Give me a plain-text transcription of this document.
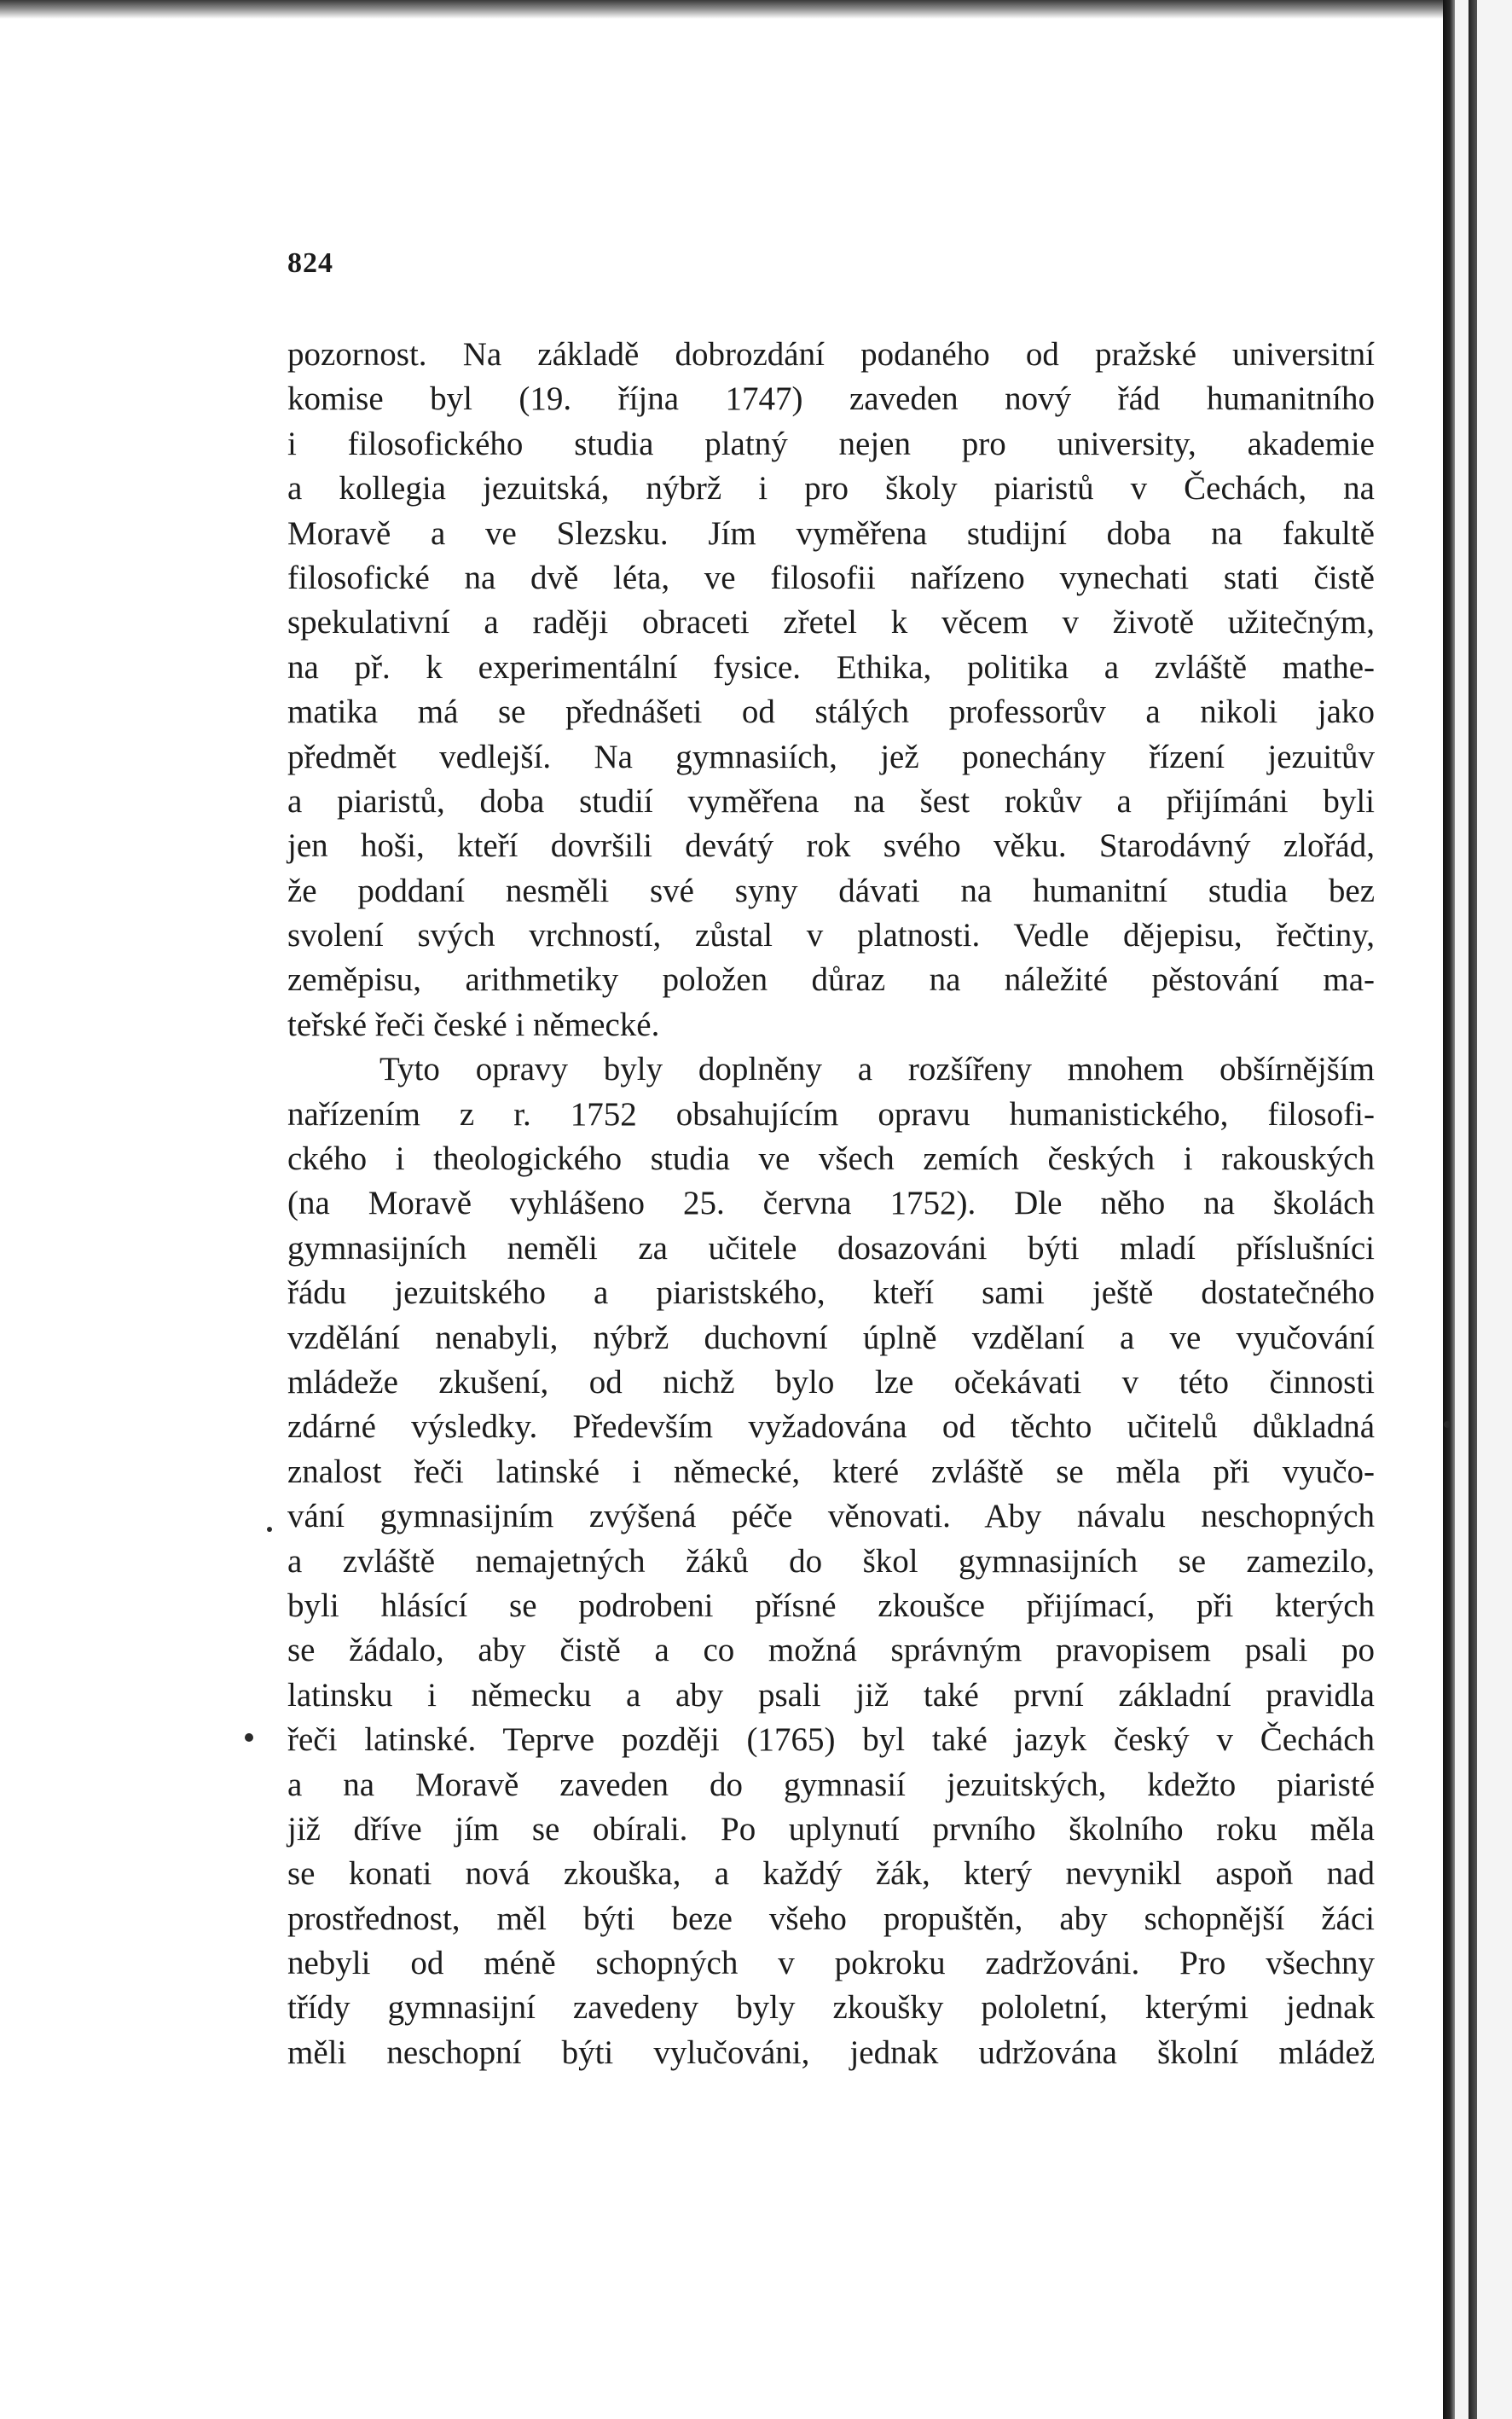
824
pozornost. Na základě dobrozdání podaného od pražské universitní
komise byl (19. října 1747) zaveden nový řád humanitního
i filosofického studia platný nejen pro university, akademie
a kollegia jezuitská, nýbrž i pro školy piaristů v Čechách, na
Moravě a ve Slezsku. Jím vyměřena studijní doba na fakultě
filosofické na dvě léta, ve filosofii nařízeno vynechati stati čistě
spekulativní a raději obraceti zřetel k věcem v životě užitečným,
na př. k experimentální fysice. Ethika, politika a zvláště mathe-
matika má se přednášeti od stálých professorův a nikoli jako
předmět vedlejší. Na gymnasiích, jež ponechány řízení jezuitův
a piaristů, doba studií vyměřena na šest rokův a přijímáni byli
jen hoši, kteří dovršili devátý rok svého věku. Starodávný zlořád,
že poddaní nesměli své syny dávati na humanitní studia bez
svolení svých vrchností, zůstal v platnosti. Vedle dějepisu, řečtiny,
zeměpisu, arithmetiky položen důraz na náležité pěstování ma-
teřské řeči české i německé.
Tyto opravy byly doplněny a rozšířeny mnohem obšírnějším
nařízením z r. 1752 obsahujícím opravu humanistického, filosofi-
ckého i theologického studia ve všech zemích českých i rakouských
(na Moravě vyhlášeno 25. června 1752). Dle něho na školách
gymnasijních neměli za učitele dosazováni býti mladí příslušníci
řádu jezuitského a piaristského, kteří sami ještě dostatečného
vzdělání nenabyli, nýbrž duchovní úplně vzdělaní a ve vyučování
mládeže zkušení, od nichž bylo lze očekávati v této činnosti
zdárné výsledky. Především vyžadována od těchto učitelů důkladná
znalost řeči latinské i německé, které zvláště se měla při vyučo-
vání gymnasijním zvýšená péče věnovati. Aby návalu neschopných
a zvláště nemajetných žáků do škol gymnasijních se zamezilo,
byli hlásící se podrobeni přísné zkoušce přijímací, při kterých
se žádalo, aby čistě a co možná správným pravopisem psali po
latinsku i německu a aby psali již také první základní pravidla
řeči latinské. Teprve později (1765) byl také jazyk český v Čechách
a na Moravě zaveden do gymnasií jezuitských, kdežto piaristé
již dříve jím se obírali. Po uplynutí prvního školního roku měla
se konati nová zkouška, a každý žák, který nevynikl aspoň nad
prostřednost, měl býti beze všeho propuštěn, aby schopnější žáci
nebyli od méně schopných v pokroku zadržováni. Pro všechny
třídy gymnasijní zavedeny byly zkoušky pololetní, kterými jednak
měli neschopní býti vylučováni, jednak udržována školní mládež
